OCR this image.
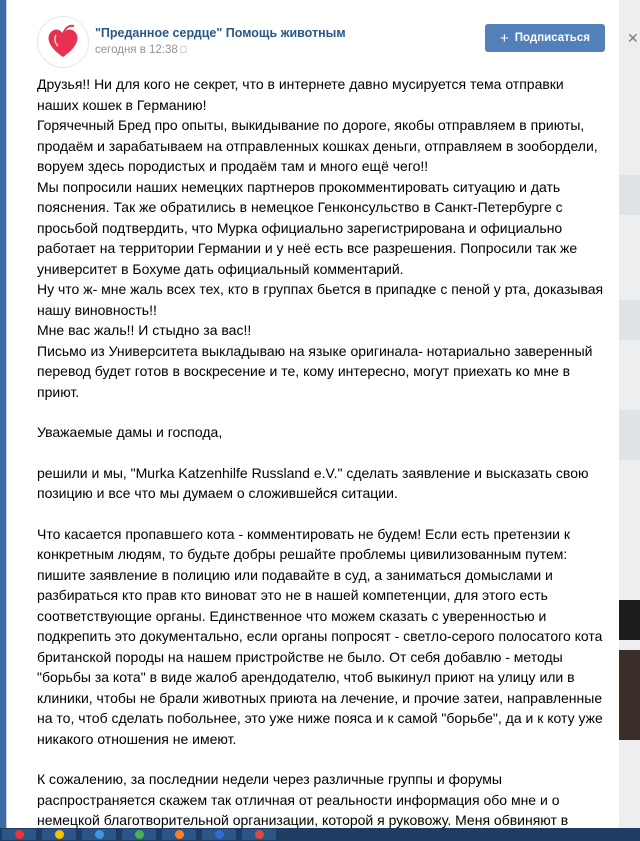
"Преданное сердце" Помощь животным
сегодня в 12:38
+ Подписаться

Друзья!! Ни для кого не секрет, что в интернете давно мусируется тема отправки наших кошек в Германию!

Горячечный Бред про опыты, выкидывание по дороге, якобы отправляем в приюты, продаём и зарабатываем на отправленных кошках деньги, отправляем в зообордели, воруем здесь породистых и продаём там и много ещё чего!!

Мы попросили наших немецких партнеров прокомментировать ситуацию и дать пояснения. Так же обратились в немецкое Генконсульство в Санкт-Петербурге с просьбой подтвердить, что Мурка официально зарегистрирована и официально работает на территории Германии и у неё есть все разрешения. Попросили так же университет в Бохуме дать официальный комментарий.

Ну что ж- мне жаль всех тех, кто в группах бьется в припадке с пеной у рта, доказывая нашу виновность!!

Мне вас жаль!! И стыдно за вас!!

Письмо из Университета выкладываю на языке оригинала- нотариально заверенный перевод будет готов в воскресение и те, кому интересно, могут приехать ко мне в приют.

Уважаемые дамы и господа,

решили и мы, "Murka Katzenhilfe Russland e.V." сделать заявление и высказать свою позицию и все что мы думаем о сложившейся ситации.

Что касается пропавшего кота - комментировать не будем! Если есть претензии к конкретным людям, то будьте добры решайте проблемы цивилизованным путем: пишите заявление в полицию или подавайте в суд, а заниматься домыслами и разбираться кто прав кто виноват это не в нашей компетенции, для этого есть соответствующие органы. Единственное что можем сказать с уверенностью и подкрепить это документально, если органы попросят - светло-серого полосатого кота британской породы на нашем пристройстве не было. От себя добавлю - методы "борьбы за кота" в виде жалоб арендодателю, чтоб выкинул приют на улицу или в клиники, чтобы не брали животных приюта на лечение, и прочие затеи, направленные на то, чтоб сделать побольнее, это уже ниже пояса и к самой "борьбе", да и к коту уже никакого отношения не имеют.

К сожалению, за последнии недели через различные группы и форумы распространяется скажем так отличная от реальности информация обо мне и о немецкой благотворительной организации, которой я руковожу. Меня обвиняют в

✕
